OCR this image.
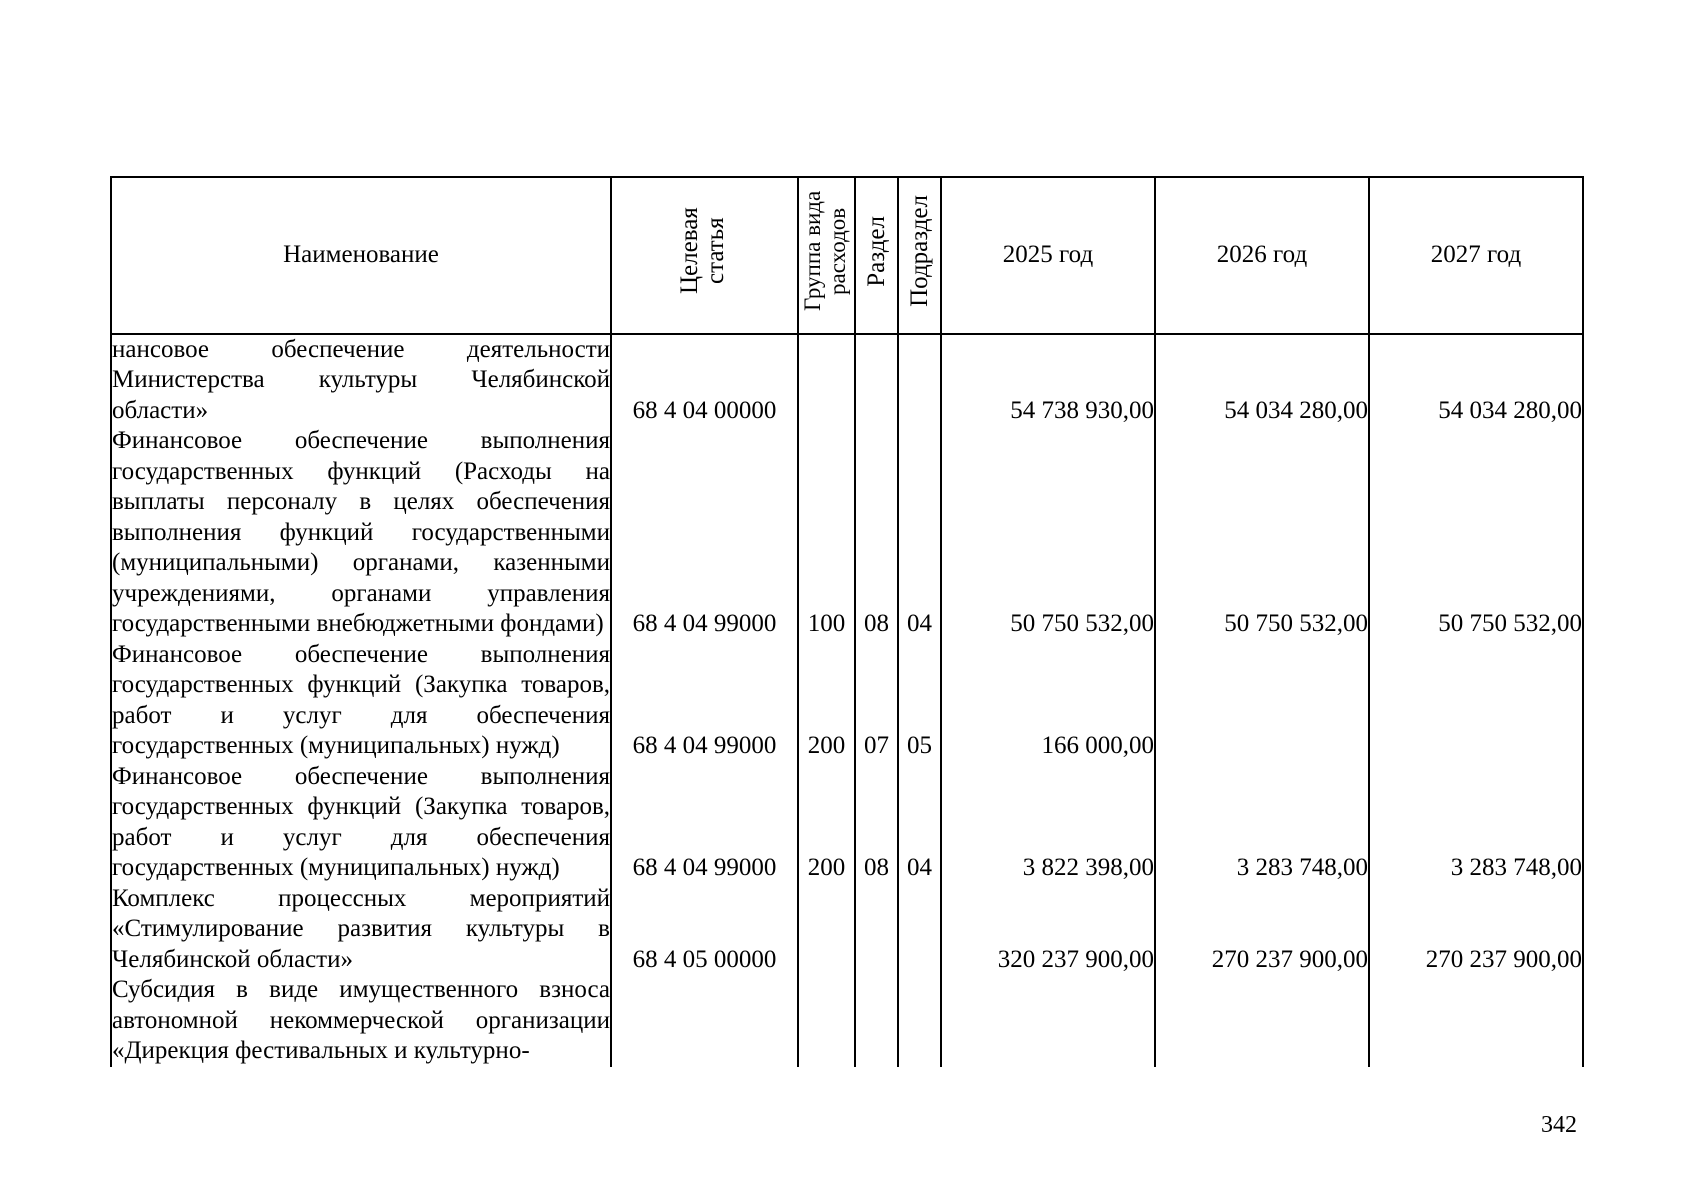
Наименование	Целевая статья	Группа вида расходов	Раздел	Подраздел	2025 год	2026 год	2027 год
нансовое обеспечение деятельности Министерства культуры Челябинской области»	68 4 04 00000				54 738 930,00	54 034 280,00	54 034 280,00
Финансовое обеспечение выполнения государственных функций (Расходы на выплаты персоналу в целях обеспечения выполнения функций государственными (муниципальными) органами, казенными учреждениями, органами управления государственными внебюджетными фондами)	68 4 04 99000	100	08	04	50 750 532,00	50 750 532,00	50 750 532,00
Финансовое обеспечение выполнения государственных функций (Закупка товаров, работ и услуг для обеспечения государственных (муниципальных) нужд)	68 4 04 99000	200	07	05	166 000,00		
Финансовое обеспечение выполнения государственных функций (Закупка товаров, работ и услуг для обеспечения государственных (муниципальных) нужд)	68 4 04 99000	200	08	04	3 822 398,00	3 283 748,00	3 283 748,00
Комплекс процессных мероприятий «Стимулирование развития культуры в Челябинской области»	68 4 05 00000				320 237 900,00	270 237 900,00	270 237 900,00
Субсидия в виде имущественного взноса автономной некоммерческой организации «Дирекция фестивальных и культурно-							
342
